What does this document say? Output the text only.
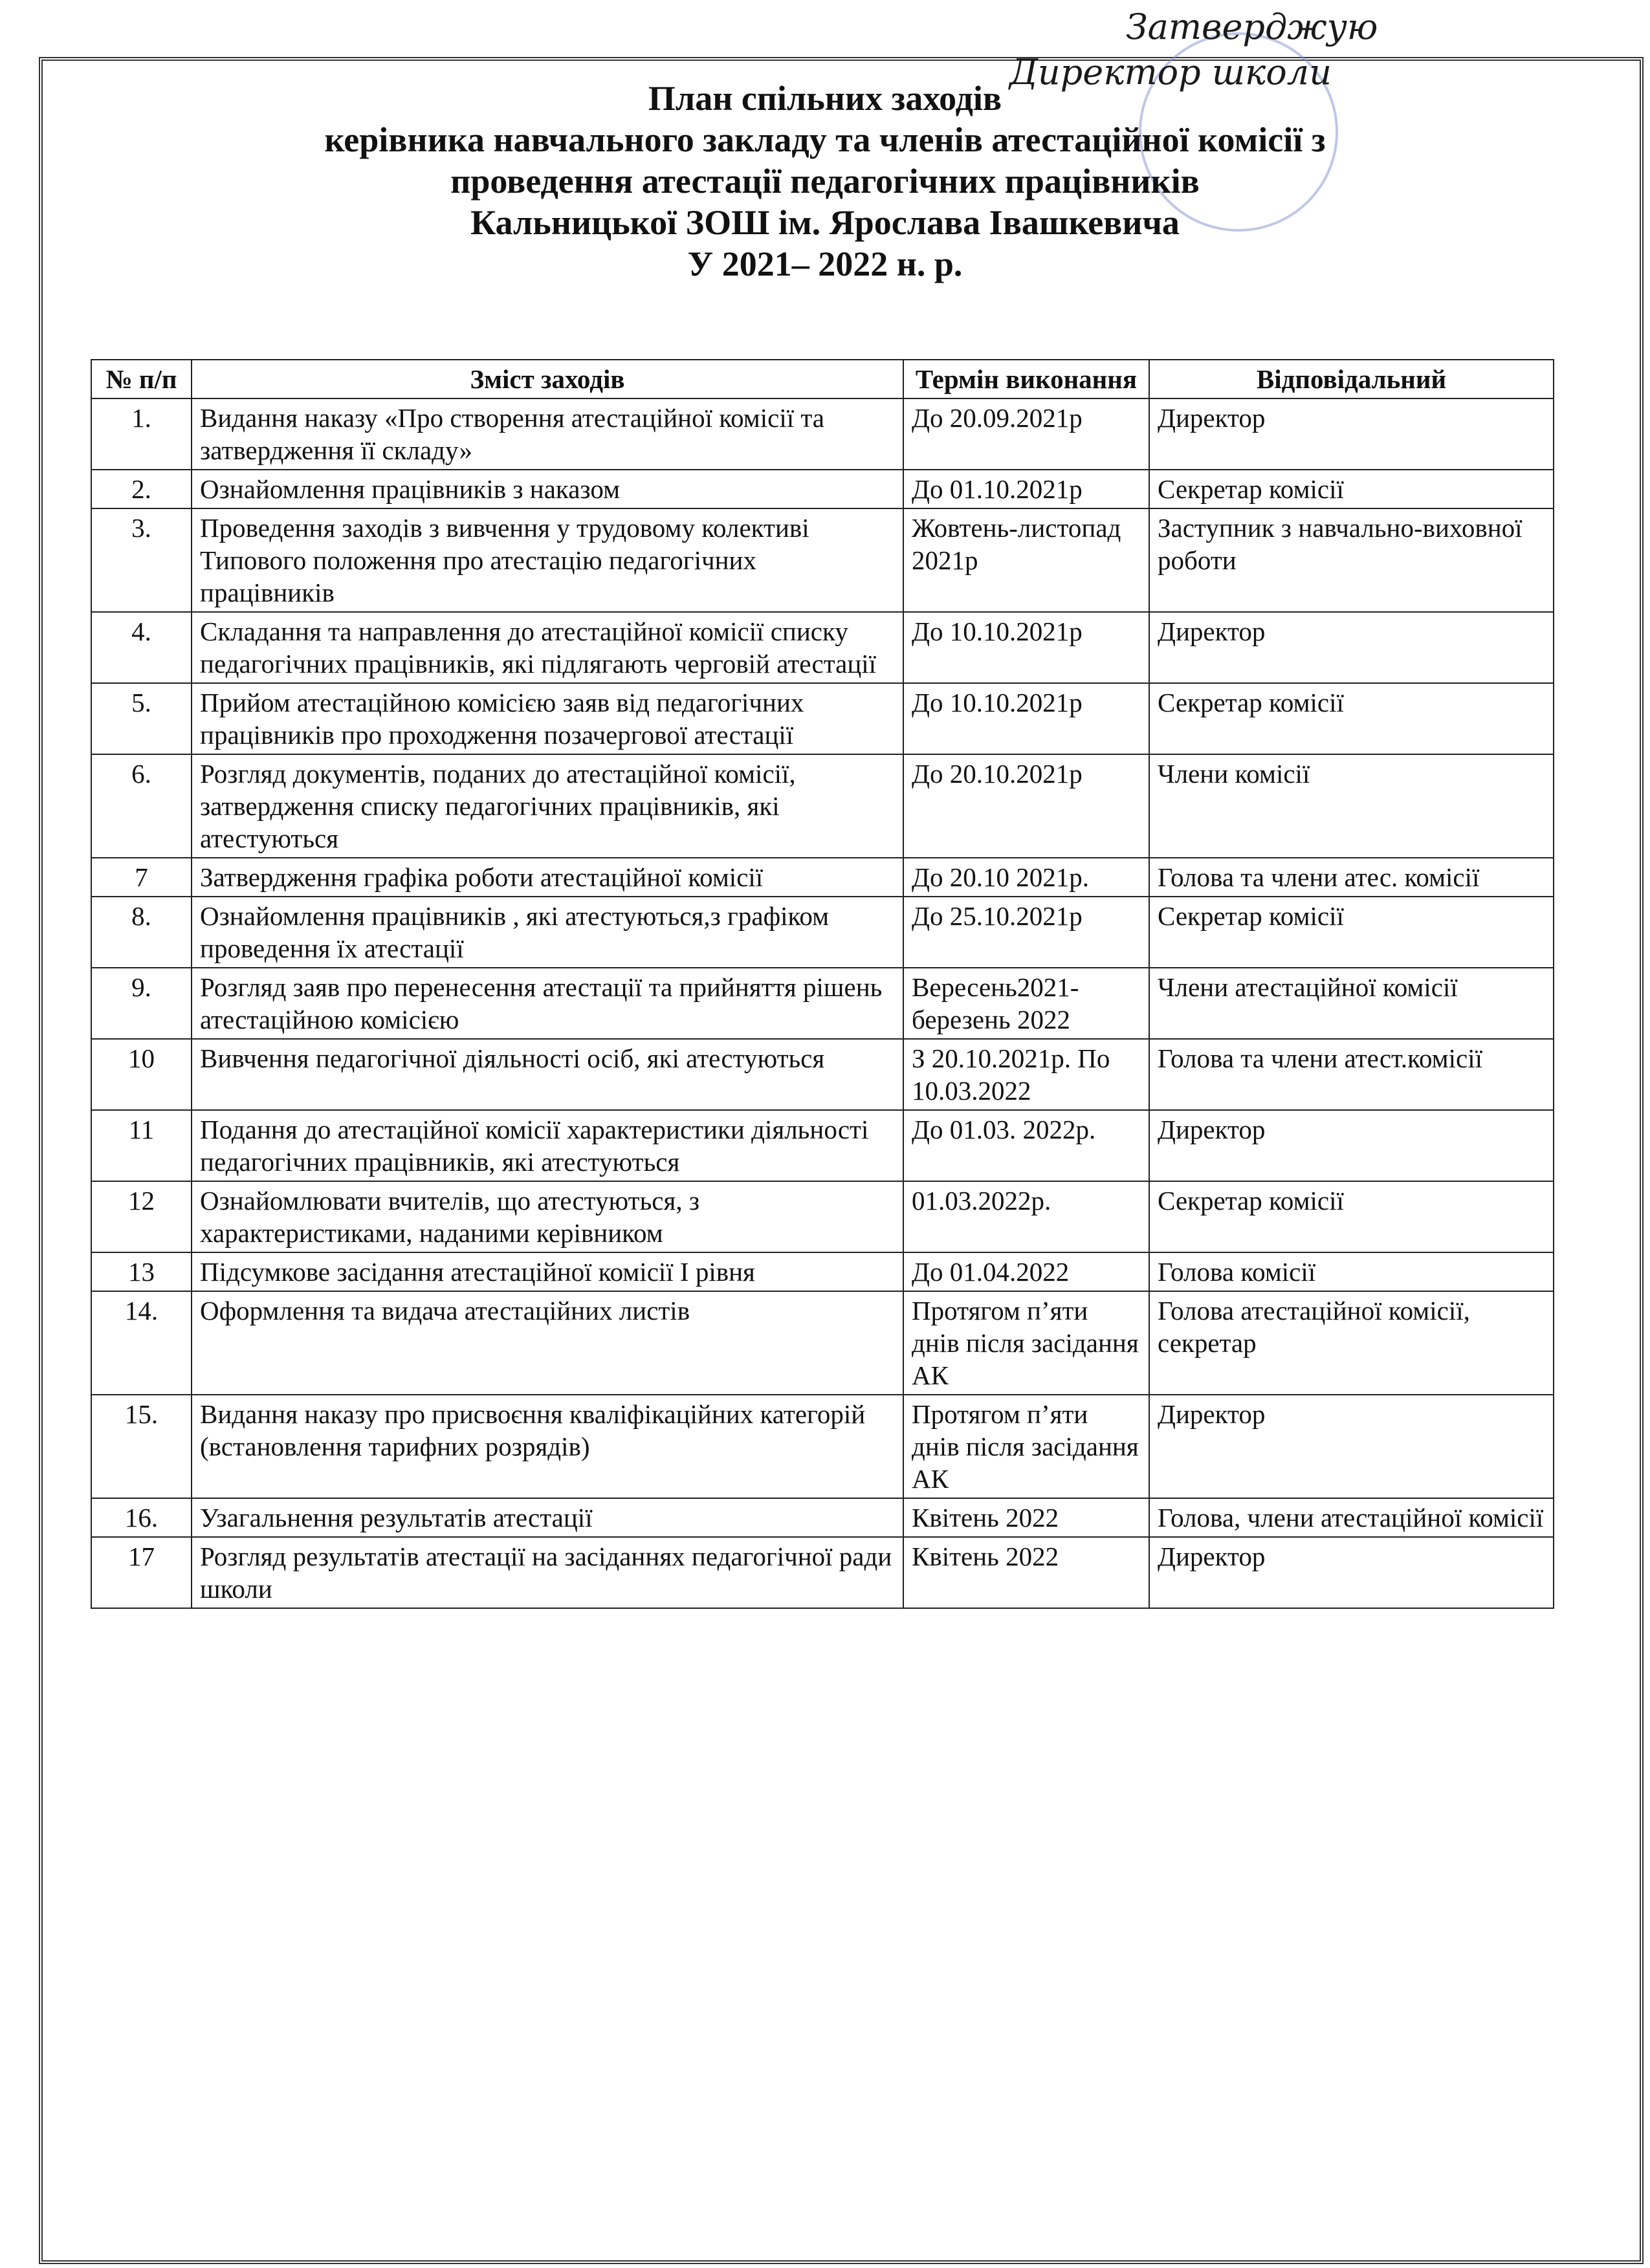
Затверджую
Директор школи
План спільних заходів
керівника навчального закладу та членів атестаційної комісії з
проведення атестації педагогічних працівників
Кальницької ЗОШ ім. Ярослава Івашкевича
У 2021– 2022 н. р.
№ п/п	Зміст заходів	Термін виконання	Відповідальний
1.	Видання наказу «Про створення атестаційної комісії та затвердження її складу»	До 20.09.2021р	Директор
2.	Ознайомлення працівників з наказом	До 01.10.2021р	Секретар комісії
3.	Проведення заходів з вивчення у трудовому колективі Типового положення про атестацію педагогічних працівників	Жовтень-листопад 2021р	Заступник з навчально-виховної роботи
4.	Складання та направлення до атестаційної комісії списку педагогічних працівників, які підлягають черговій атестації	До 10.10.2021р	Директор
5.	Прийом атестаційною комісією заяв від педагогічних працівників про проходження позачергової атестації	До 10.10.2021р	Секретар комісії
6.	Розгляд документів, поданих до атестаційної комісії, затвердження списку педагогічних працівників, які атестуються	До 20.10.2021р	Члени комісії
7	Затвердження графіка роботи атестаційної комісії	До 20.10 2021р.	Голова та члени атес. комісії
8.	Ознайомлення працівників , які атестуються,з графіком проведення їх атестації	До 25.10.2021р	Секретар комісії
9.	Розгляд заяв про перенесення атестації та прийняття рішень атестаційною комісією	Вересень2021-березень 2022	Члени атестаційної комісії
10	Вивчення педагогічної діяльності осіб, які атестуються	З 20.10.2021р. По 10.03.2022	Голова та члени атест.комісії
11	Подання до атестаційної комісії характеристики діяльності педагогічних працівників, які атестуються	До 01.03. 2022р.	Директор
12	Ознайомлювати вчителів, що атестуються, з характеристиками, наданими керівником	01.03.2022р.	Секретар комісії
13	Підсумкове засідання атестаційної комісії І рівня	До 01.04.2022	Голова комісії
14.	Оформлення та видача атестаційних листів	Протягом п’яти днів після засідання АК	Голова атестаційної комісії, секретар
15.	Видання наказу про присвоєння кваліфікаційних категорій (встановлення тарифних розрядів)	Протягом п’яти днів після засідання АК	Директор
16.	Узагальнення результатів атестації	Квітень 2022	Голова, члени атестаційної комісії
17	Розгляд результатів атестації на засіданнях педагогічної ради школи	Квітень 2022	Директор
